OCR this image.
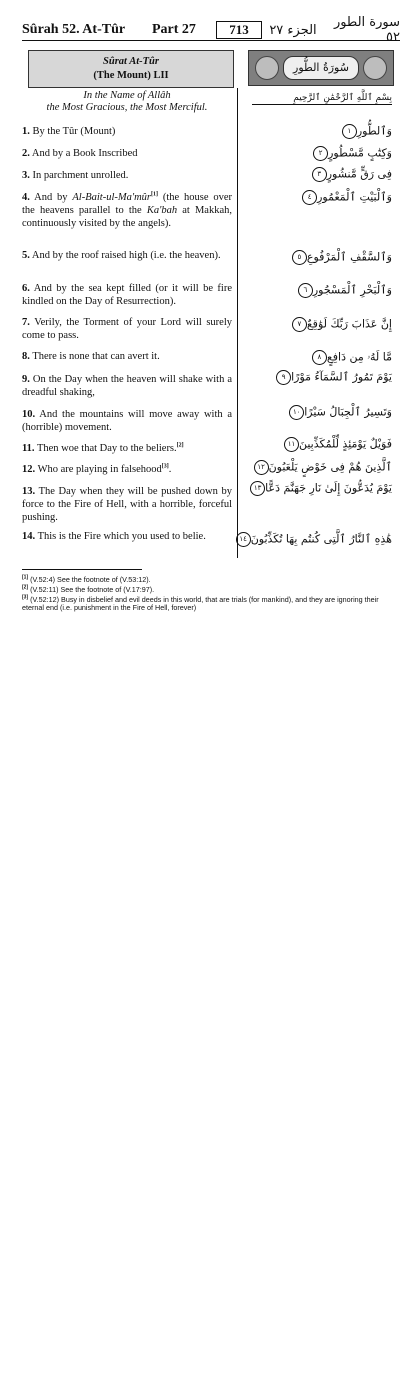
Sûrah 52. At-Tûr	Part 27	713	الجزء ٢٧	سورة الطور ٥٢
Sûrat At-Tûr
(The Mount) LII
سُورَةُ الطُّورِ
بِسْمِ ٱللَّهِ ٱلرَّحْمَٰنِ ٱلرَّحِيمِ
In the Name of Allâh
the Most Gracious, the Most Merciful.
1. By the Tûr (Mount)
2. And by a Book Inscribed
3. In parchment unrolled.
4. And by Al-Bait-ul-Ma'mûr[1] (the house over the heavens parallel to the Ka'bah at Makkah, continuously visited by the angels).
5. And by the roof raised high (i.e. the heaven).
6. And by the sea kept filled (or it will be fire kindled on the Day of Resurrection).
7. Verily, the Torment of your Lord will surely come to pass.
8. There is none that can avert it.
9. On the Day when the heaven will shake with a dreadful shaking,
10. And the mountains will move away with a (horrible) movement.
11. Then woe that Day to the beliers.[2]
12. Who are playing in falsehood[3].
13. The Day when they will be pushed down by force to the Fire of Hell, with a horrible, forceful pushing.
14. This is the Fire which you used to belie.
وَٱلطُّورِ١
وَكِتَٰبٍ مَّسْطُورٍ٢
فِى رَقٍّ مَّنشُورٍ٣
وَٱلْبَيْتِ ٱلْمَعْمُورِ٤
وَٱلسَّقْفِ ٱلْمَرْفُوعِ٥
وَٱلْبَحْرِ ٱلْمَسْجُورِ٦
إِنَّ عَذَابَ رَبِّكَ لَوَٰقِعٌ٧
مَّا لَهُۥ مِن دَافِعٍ٨
يَوْمَ تَمُورُ ٱلسَّمَآءُ مَوْرًا٩
وَتَسِيرُ ٱلْجِبَالُ سَيْرًا١٠
فَوَيْلٌ يَوْمَئِذٍ لِّلْمُكَذِّبِينَ١١
ٱلَّذِينَ هُمْ فِى خَوْضٍ يَلْعَبُونَ١٢
يَوْمَ يُدَعُّونَ إِلَىٰ نَارِ جَهَنَّمَ دَعًّا١٣
هَٰذِهِ ٱلنَّارُ ٱلَّتِى كُنتُم بِهَا تُكَذِّبُونَ١٤
[1] (V.52:4) See the footnote of (V.53:12).
[2] (V.52:11) See the footnote of (V.17:97).
[3] (V.52:12) Busy in disbelief and evil deeds in this world, that are trials (for mankind), and they are ignoring their eternal end (i.e. punishment in the Fire of Hell, forever)
